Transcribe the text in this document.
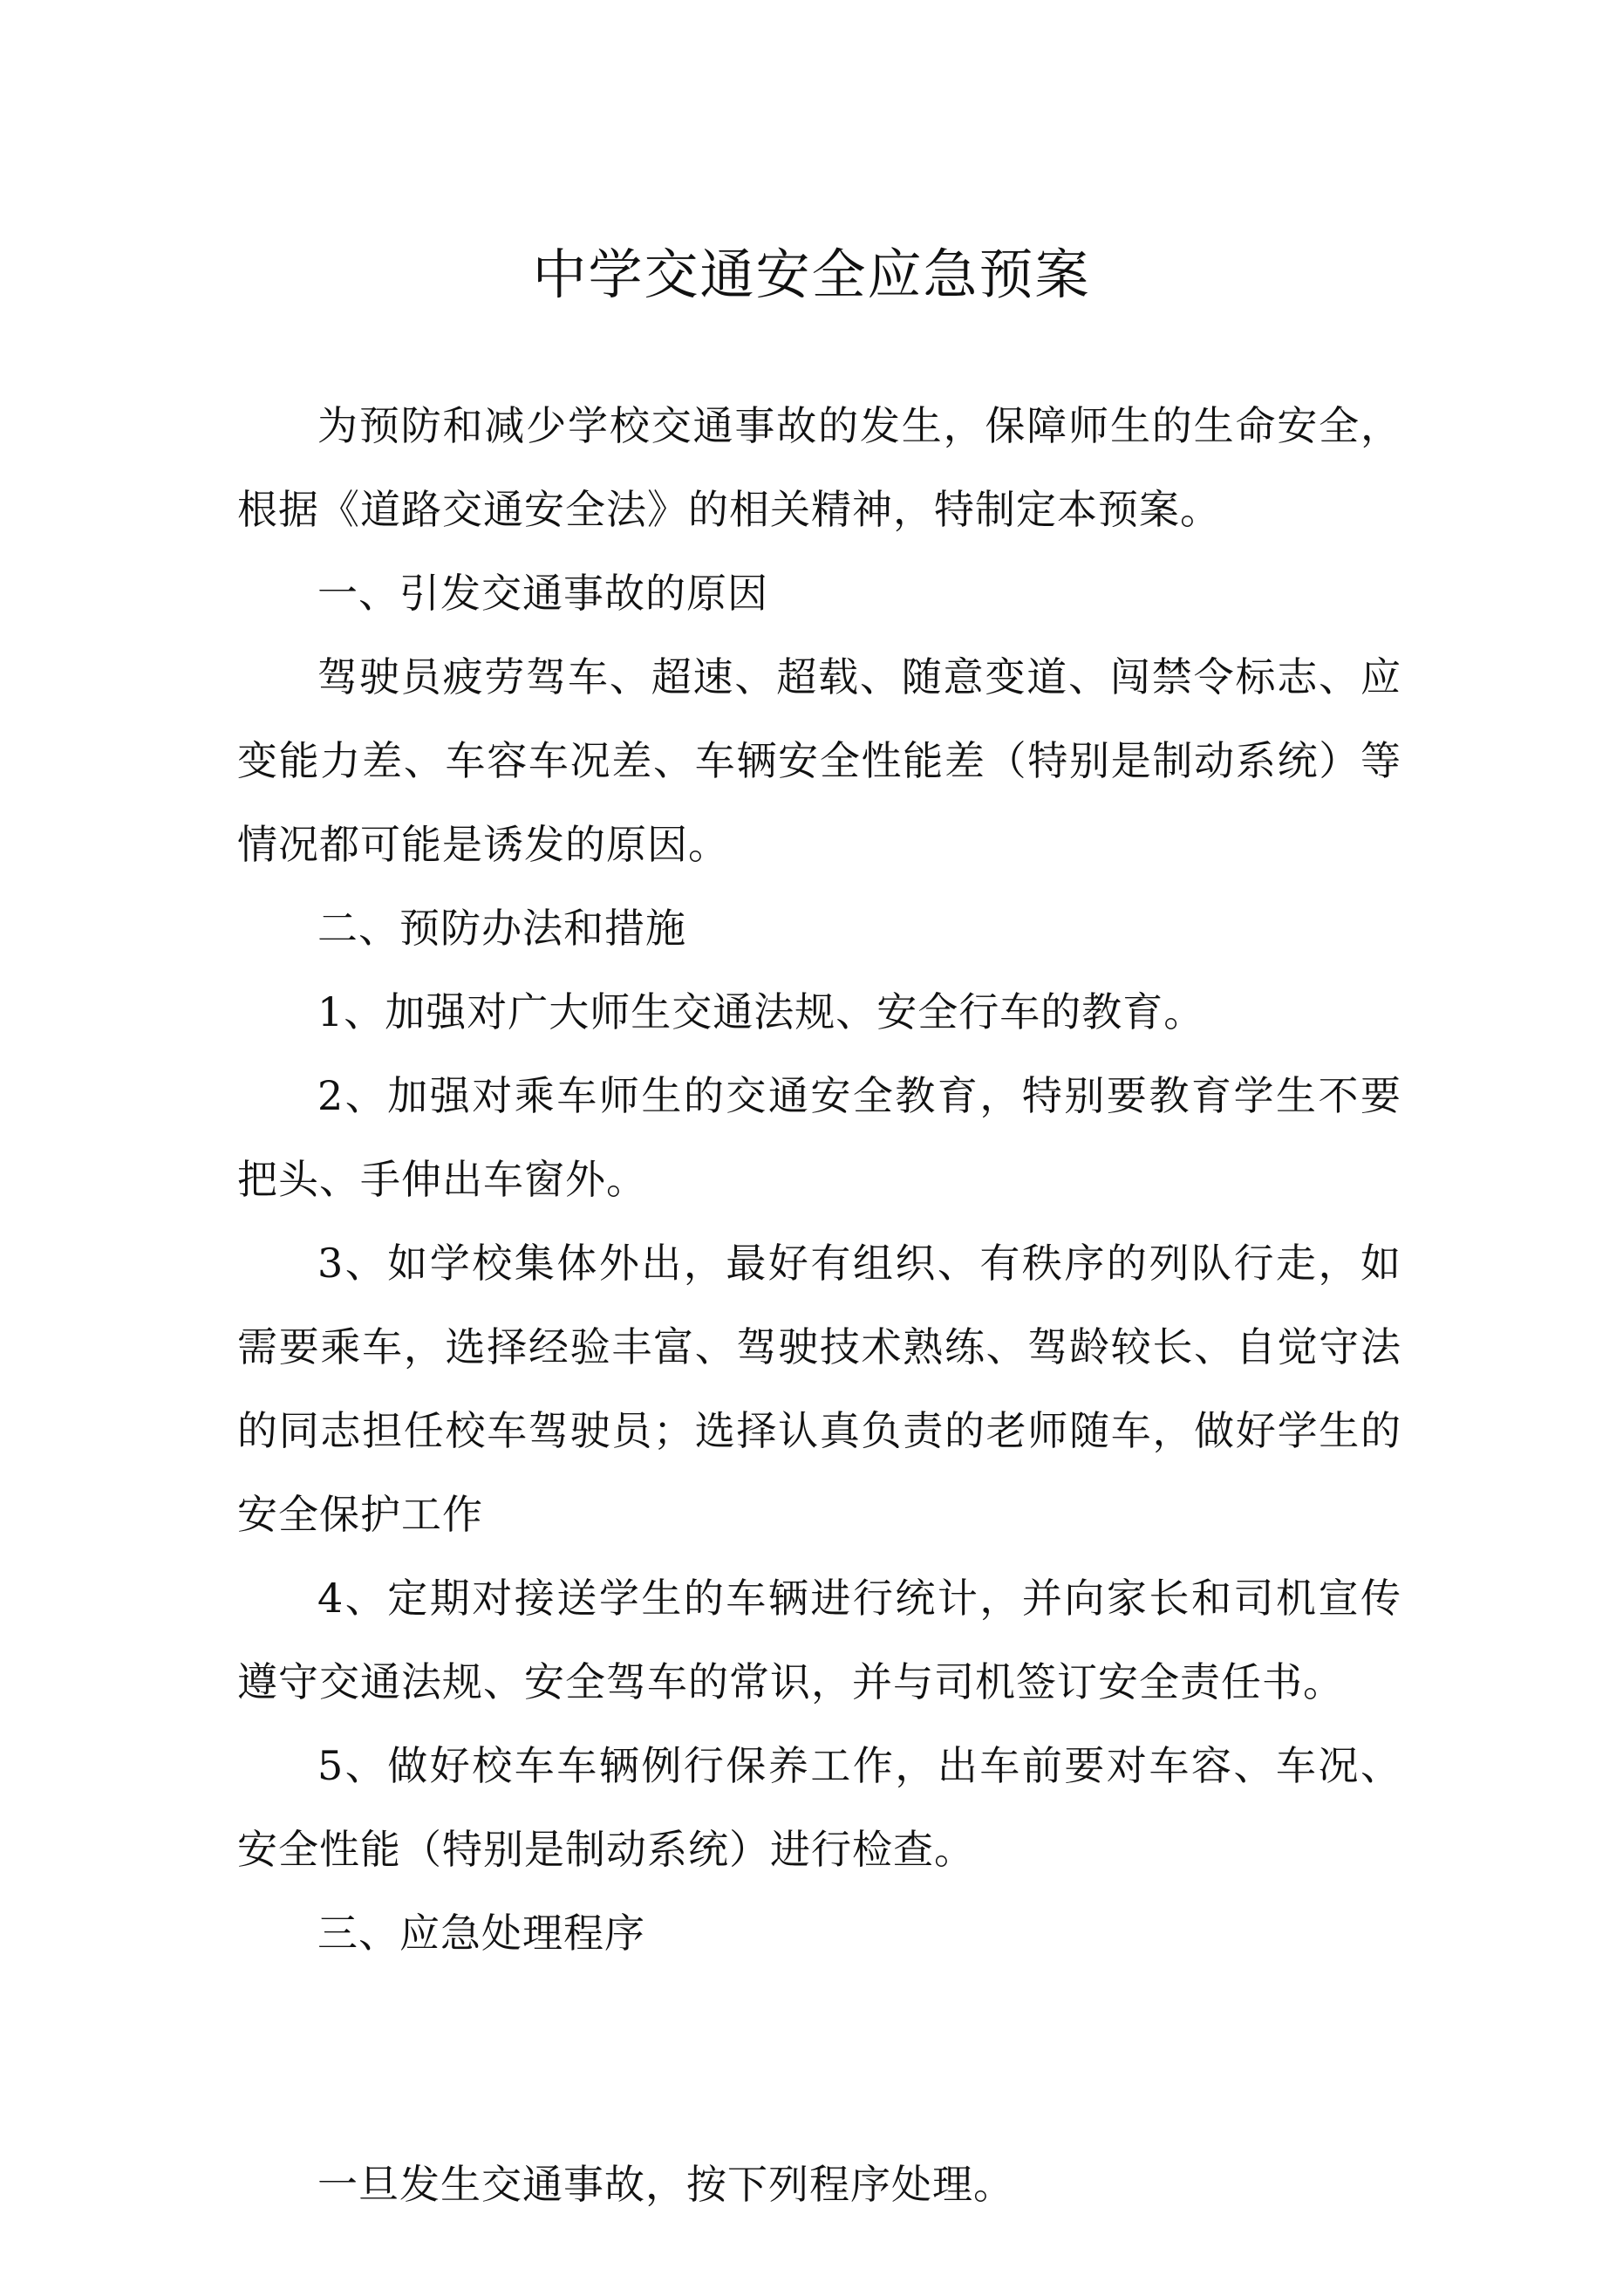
中学交通安全应急预案

为预防和减少学校交通事故的发生，保障师生的生命安全，根据《道路交通安全法》的相关精神，特制定本预案。

一、引发交通事故的原因

驾驶员疲劳驾车、超速、超载、随意变道、闯禁令标志、应变能力差、车容车况差、车辆安全性能差（特别是制动系统）等情况都可能是诱发的原因。

二、预防办法和措施

1、加强对广大师生交通法规、安全行车的教育。

2、加强对乘车师生的交通安全教育，特别要教育学生不要把头、手伸出车窗外。

3、如学校集体外出，最好有组织、有秩序的列队行走，如需要乘车，选择经验丰富、驾驶技术熟练、驾龄较长、自觉守法的同志担任校车驾驶员；选择认真负责的老师随车，做好学生的安全保护工作

4、定期对接送学生的车辆进行统计，并向家长和司机宣传遵守交通法规、安全驾车的常识，并与司机签订安全责任书。

5、做好校车车辆例行保养工作，出车前要对车容、车况、安全性能（特别是制动系统）进行检查。

三、应急处理程序

一旦发生交通事故，按下列程序处理。
